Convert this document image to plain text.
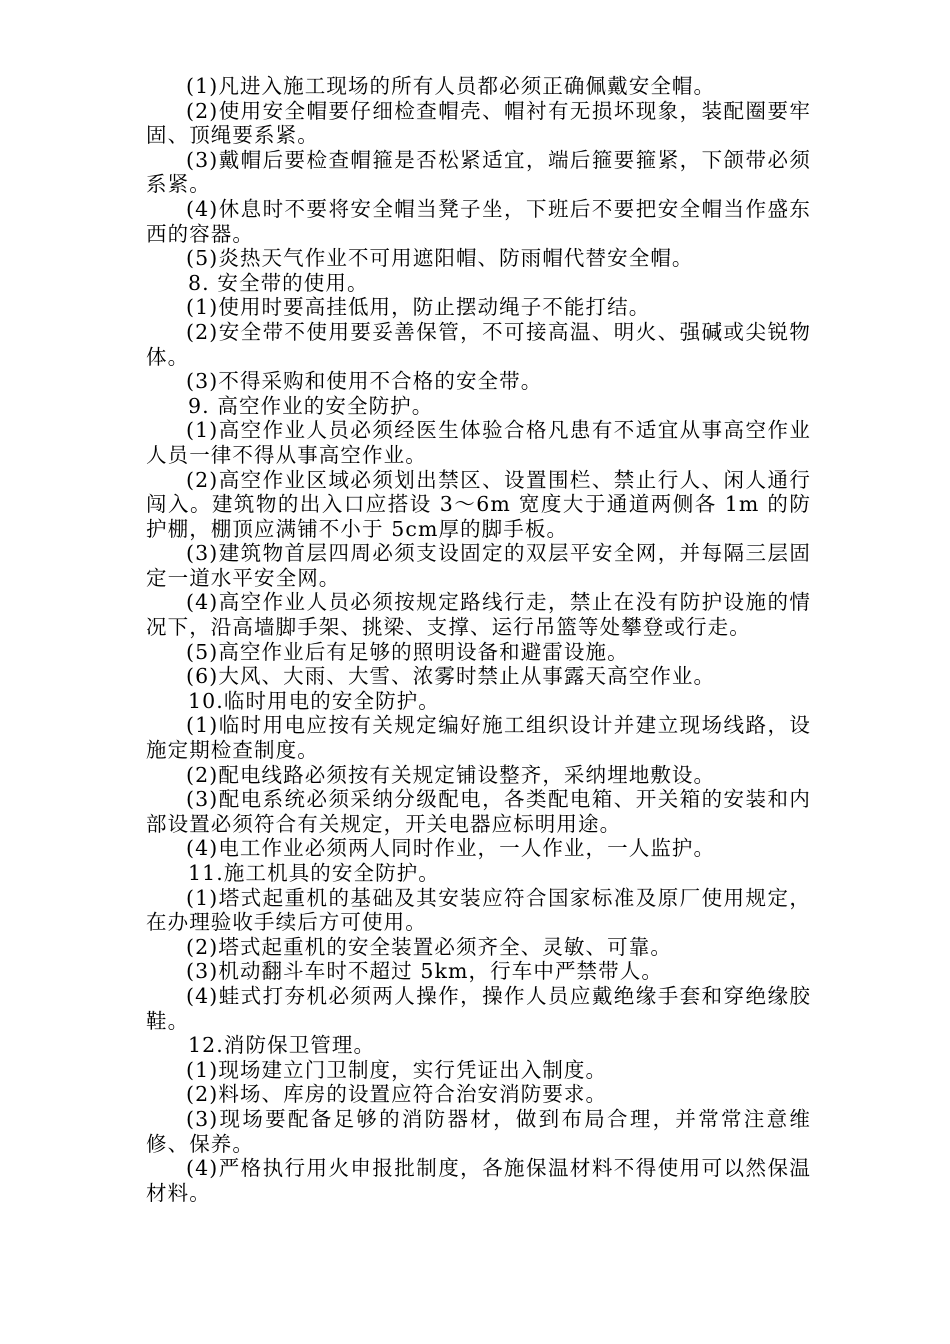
(1)凡进入施工现场的所有人员都必须正确佩戴安全帽。

(2)使用安全帽要仔细检查帽壳、帽衬有无损坏现象，装配圈要牢固、顶绳要系紧。

(3)戴帽后要检查帽箍是否松紧适宜，端后箍要箍紧，下颌带必须系紧。

(4)休息时不要将安全帽当凳子坐，下班后不要把安全帽当作盛东西的容器。

(5)炎热天气作业不可用遮阳帽、防雨帽代替安全帽。

8. 安全带的使用。

(1)使用时要高挂低用，防止摆动绳子不能打结。

(2)安全带不使用要妥善保管，不可接高温、明火、强碱或尖锐物体。

(3)不得采购和使用不合格的安全带。

9. 高空作业的安全防护。

(1)高空作业人员必须经医生体验合格凡患有不适宜从事高空作业人员一律不得从事高空作业。

(2)高空作业区域必须划出禁区、设置围栏、禁止行人、闲人通行闯入。建筑物的出入口应搭设 3～6m 宽度大于通道两侧各 1m 的防护棚，棚顶应满铺不小于 5cm厚的脚手板。

(3)建筑物首层四周必须支设固定的双层平安全网，并每隔三层固定一道水平安全网。

(4)高空作业人员必须按规定路线行走，禁止在没有防护设施的情况下，沿高墙脚手架、挑梁、支撑、运行吊篮等处攀登或行走。

(5)高空作业后有足够的照明设备和避雷设施。

(6)大风、大雨、大雪、浓雾时禁止从事露天高空作业。

10.临时用电的安全防护。

(1)临时用电应按有关规定编好施工组织设计并建立现场线路，设施定期检查制度。

(2)配电线路必须按有关规定铺设整齐，采纳埋地敷设。

(3)配电系统必须采纳分级配电，各类配电箱、开关箱的安装和内部设置必须符合有关规定，开关电器应标明用途。

(4)电工作业必须两人同时作业，一人作业，一人监护。

11.施工机具的安全防护。

(1)塔式起重机的基础及其安装应符合国家标准及原厂使用规定，在办理验收手续后方可使用。

(2)塔式起重机的安全装置必须齐全、灵敏、可靠。

(3)机动翻斗车时不超过 5km，行车中严禁带人。

(4)蛙式打夯机必须两人操作，操作人员应戴绝缘手套和穿绝缘胶鞋。

12.消防保卫管理。

(1)现场建立门卫制度，实行凭证出入制度。

(2)料场、库房的设置应符合治安消防要求。

(3)现场要配备足够的消防器材，做到布局合理，并常常注意维修、保养。

(4)严格执行用火申报批制度，各施保温材料不得使用可以然保温材料。
